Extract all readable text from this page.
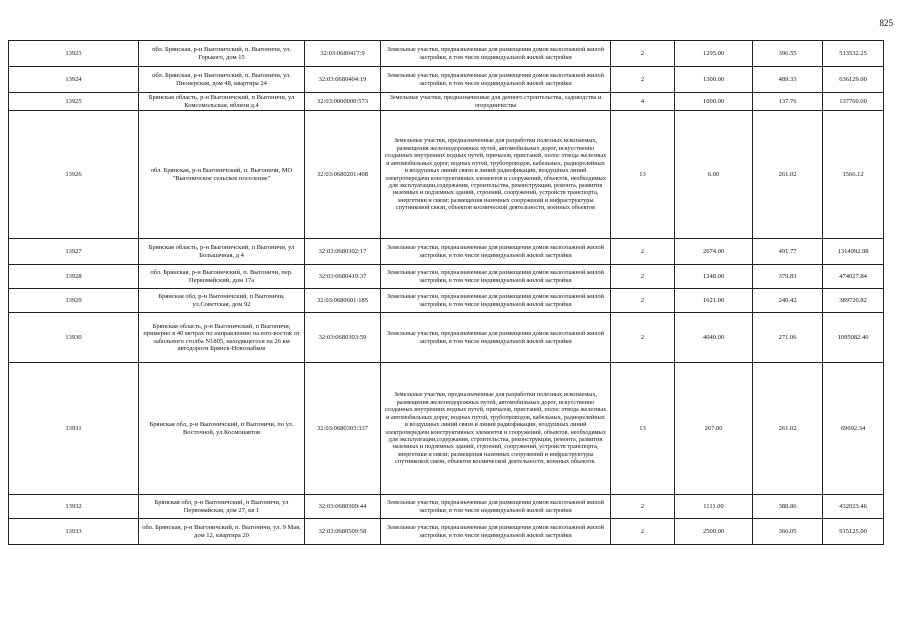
825
13923	обл. Брянская, р-н Выгоничский, п. Выгоничи, ул. Горького, дом 15	32:03:0680417:9	Земельные участки, предназначенные для размещения домов малоэтажной жилой застройки, в том числе индивидуальной жилой застройки	2	1295.00	396.55	513532.25
13924	обл. Брянская, р-н Выгоничский, п. Выгоничи, ул. Пионерская, дом 48, квартира 24	32:03:0680404:19	Земельные участки, предназначенные для размещения домов малоэтажной жилой застройки, в том числе индивидуальной жилой застройки	2	1300.00	489.33	636129.00
13925	Брянская область, р-н Выгоничский, п Выгоничи, ул Комсомольская, вблизи д.4	32:03:0000000:573	Земельные участки, предназначенные для дачного строительства, садоводства и огородничества	4	1000.00	137.76	137760.00
13926	обл. Брянская, р-н Выгоничский, п. Выгоничи, МО "Выгоничское сельское поселение"	32:03:0680201:408	Земельные участки, предназначенные для разработки полезных ископаемых, размещения железнодорожных путей, автомобильных дорог, искусственно созданных внутренних водных путей, причалов, пристаней, полос отвода железных и автомобильных дорог, водных путей, трубопроводов, кабельных, радиорелейных и воздушных линий связи и линий радиофикации, воздушных линий электропередачи конструктивных элементов и сооружений, объектов, необходимых для эксплуатации,содержания, строительства, реконструкции, ремонта, развития наземных и подземных зданий, строений, сооружений, устройств транспорта, энергетики и связи; размещения наземных сооружений и инфраструктуры спутниковой связи, объектов космической деятельности, военных объектов	13	6.00	261.02	1566.12
13927	Брянская область, р-н Выгоничский, п Выгоничи, ул Большачная, д 4	32:03:0680302:17	Земельные участки, предназначенные для размещения домов малоэтажной жилой застройки, в том числе индивидуальной жилой застройки	2	2674.00	491.77	1314992.98
13928	обл. Брянская, р-н Выгоничский, п. Выгоничи, пер. Первомайский, дом 17а	32:03:0680419:37	Земельные участки, предназначенные для размещения домов малоэтажной жилой застройки, в том числе индивидуальной жилой застройки	2	1248.00	379.83	474027.84
13929	Брянская обл, р-н Выгоничский, п Выгоничи, ул.Советская, дом 92	32:03:0680601:185	Земельные участки, предназначенные для размещения домов малоэтажной жилой застройки, в том числе индивидуальной жилой застройки	2	1621.00	240.42	389720.82
13930	Брянская область, р-н Выгоничский, п Выгоничи, примерно в 40 метрах по направлению на юго-восток от забольного столба N1805, находящегося на 26 км автодороги Брянск-Новозыбков	32:03:0680303:59	Земельные участки, предназначенные для размещения домов малоэтажной жилой застройки, в том числе индивидуальной жилой застройки	2	4040.00	271.06	1095082.40
13931	Брянская обл, р-н Выгоничский, п Выгоничи, по ул. Восточной, ул.Космонавтов	32:03:0680303:337	Земельные участки, предназначенные для разработки полезных ископаемых, размещения железнодорожных путей, автомобильных дорог, искусственно созданных внутренних водных путей, причалов, пристаней, полос отвода железных и автомобильных дорог, водных путей, трубопроводов, кабельных, радиорелейных и воздушных линий связи и линий радиофикации, воздушных линий электропередачи конструктивных элементов и сооружений, объектов, необходимых для эксплуатации,содержания, строительства, реконструкции, ремонта, развития наземных и подземных зданий, строений, сооружений, устройств транспорта, энергетики и связи; размещения наземных сооружений и инфраструктуры спутниковой связи, объектов космической деятельности, военных объектов.	13	267.00	261.02	69692.34
13932	Брянская обл, р-н Выгоничский, п Выгоничи, ул Первомайская, дом 27, кв 1	32:03:0680309:44	Земельные участки, предназначенные для размещения домов малоэтажной жилой застройки, в том числе индивидуальной жилой застройки	2	1111.00	388.86	432023.46
13933	обл. Брянская, р-н Выгоничский, п. Выгоничи, ул. 9 Мая, дом 12, квартира 20	32:03:0680509:58	Земельные участки, предназначенные для размещения домов малоэтажной жилой застройки, в том числе индивидуальной жилой застройки	2	2500.00	366.05	915125.00
